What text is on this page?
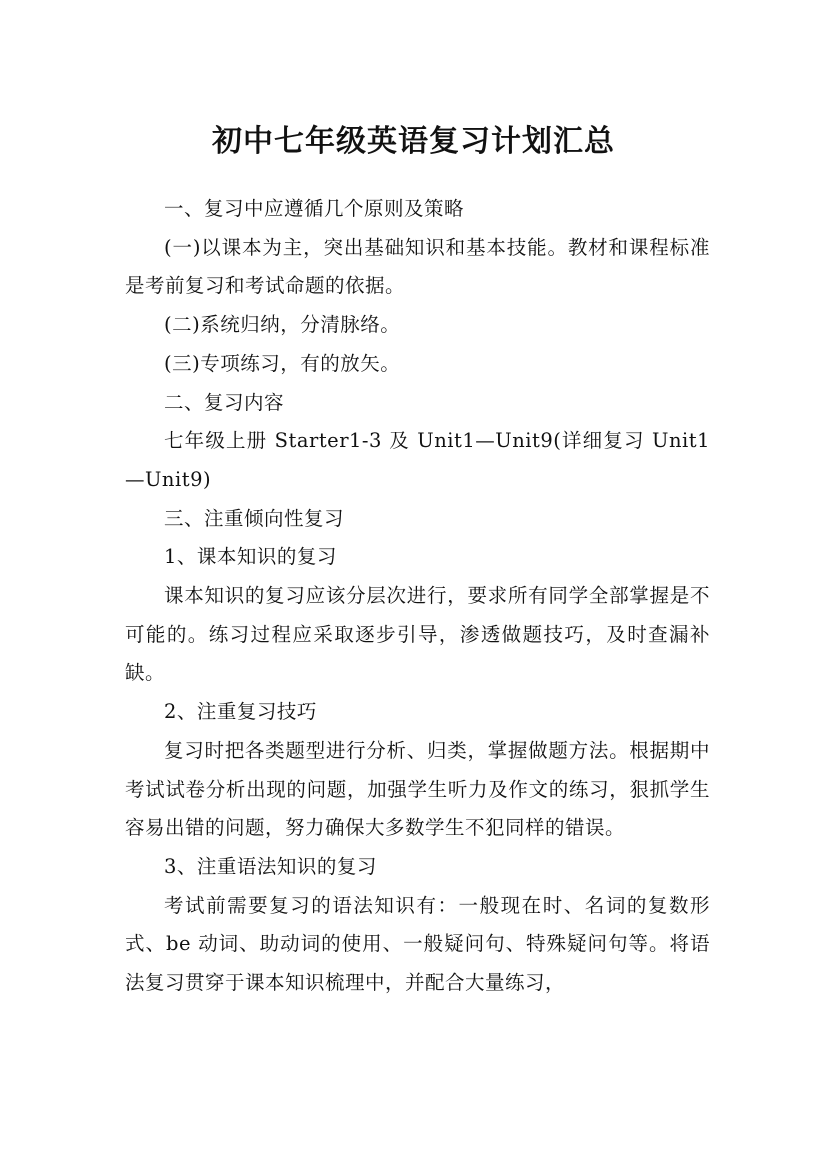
初中七年级英语复习计划汇总

一、复习中应遵循几个原则及策略

(一)以课本为主，突出基础知识和基本技能。教材和课程标准是考前复习和考试命题的依据。

(二)系统归纳，分清脉络。

(三)专项练习，有的放矢。

二、复习内容

七年级上册 Starter1-3 及 Unit1—Unit9(详细复习 Unit1—Unit9)

三、注重倾向性复习

1、课本知识的复习

课本知识的复习应该分层次进行，要求所有同学全部掌握是不可能的。练习过程应采取逐步引导，渗透做题技巧，及时查漏补缺。

2、注重复习技巧

复习时把各类题型进行分析、归类，掌握做题方法。根据期中考试试卷分析出现的问题，加强学生听力及作文的练习，狠抓学生容易出错的问题，努力确保大多数学生不犯同样的错误。

3、注重语法知识的复习

考试前需要复习的语法知识有：一般现在时、名词的复数形式、be 动词、助动词的使用、一般疑问句、特殊疑问句等。将语法复习贯穿于课本知识梳理中，并配合大量练习，
